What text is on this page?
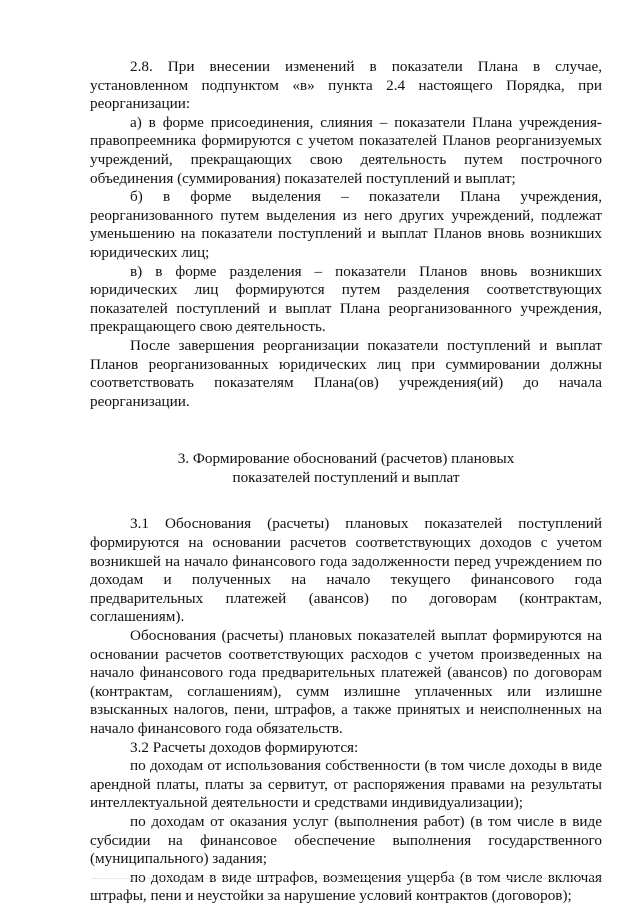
2.8. При внесении изменений в показатели Плана в случае, установленном подпунктом «в» пункта 2.4 настоящего Порядка, при реорганизации:

а) в форме присоединения, слияния – показатели Плана учреждения-правопреемника формируются с учетом показателей Планов реорганизуемых учреждений, прекращающих свою деятельность путем построчного объединения (суммирования) показателей поступлений и выплат;

б) в форме выделения – показатели Плана учреждения, реорганизованного путем выделения из него других учреждений, подлежат уменьшению на показатели поступлений и выплат Планов вновь возникших юридических лиц;

в) в форме разделения – показатели Планов вновь возникших юридических лиц формируются путем разделения соответствующих показателей поступлений и выплат Плана реорганизованного учреждения, прекращающего свою деятельность.

После завершения реорганизации показатели поступлений и выплат Планов реорганизованных юридических лиц при суммировании должны соответствовать показателям Плана(ов) учреждения(ий) до начала реорганизации.

3. Формирование обоснований (расчетов) плановых

показателей поступлений и выплат

3.1 Обоснования (расчеты) плановых показателей поступлений формируются на основании расчетов соответствующих доходов с учетом возникшей на начало финансового года задолженности перед учреждением по доходам и полученных на начало текущего финансового года предварительных платежей (авансов) по договорам (контрактам, соглашениям).

Обоснования (расчеты) плановых показателей выплат формируются на основании расчетов соответствующих расходов с учетом произведенных на начало финансового года предварительных платежей (авансов) по договорам (контрактам, соглашениям), сумм излишне уплаченных или излишне взысканных налогов, пени, штрафов, а также принятых и неисполненных на начало финансового года обязательств.

3.2 Расчеты доходов формируются:

по доходам от использования собственности (в том числе доходы в виде арендной платы, платы за сервитут, от распоряжения правами на результаты интеллектуальной деятельности и средствами индивидуализации);

по доходам от оказания услуг (выполнения работ) (в том числе в виде субсидии на финансовое обеспечение выполнения государственного (муниципального) задания;

по доходам в виде штрафов, возмещения ущерба (в том числе включая штрафы, пени и неустойки за нарушение условий контрактов (договоров);
